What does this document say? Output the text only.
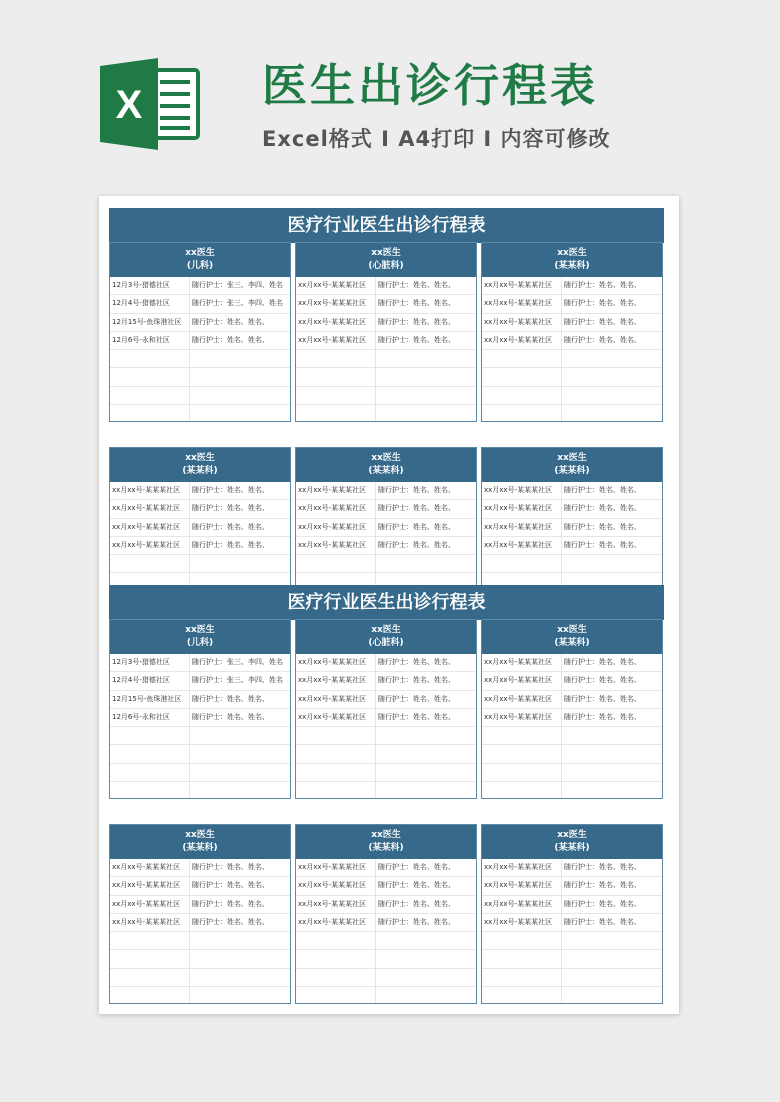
X	医生出诊行程表
Excel格式 I A4打印 I 内容可修改
医疗行业医生出诊行程表
xx医生
(儿科)
12月3号-猎德社区	随行护士：张三、李四、姓名
12月4号-猎德社区	随行护士：张三、李四、姓名
12月15号-鱼珠港社区	随行护士：姓名、姓名、
12月6号-永和社区	随行护士：姓名、姓名、
xx医生
(心脏科)
xx月xx号-某某某社区	随行护士：姓名、姓名、
xx月xx号-某某某社区	随行护士：姓名、姓名、
xx月xx号-某某某社区	随行护士：姓名、姓名、
xx月xx号-某某某社区	随行护士：姓名、姓名、
xx医生
(某某科)
xx月xx号-某某某社区	随行护士：姓名、姓名、
xx月xx号-某某某社区	随行护士：姓名、姓名、
xx月xx号-某某某社区	随行护士：姓名、姓名、
xx月xx号-某某某社区	随行护士：姓名、姓名、
xx医生
(某某科)
xx月xx号-某某某社区	随行护士：姓名、姓名、
xx月xx号-某某某社区	随行护士：姓名、姓名、
xx月xx号-某某某社区	随行护士：姓名、姓名、
xx月xx号-某某某社区	随行护士：姓名、姓名、
xx医生
(某某科)
xx月xx号-某某某社区	随行护士：姓名、姓名、
xx月xx号-某某某社区	随行护士：姓名、姓名、
xx月xx号-某某某社区	随行护士：姓名、姓名、
xx月xx号-某某某社区	随行护士：姓名、姓名、
xx医生
(某某科)
xx月xx号-某某某社区	随行护士：姓名、姓名、
xx月xx号-某某某社区	随行护士：姓名、姓名、
xx月xx号-某某某社区	随行护士：姓名、姓名、
xx月xx号-某某某社区	随行护士：姓名、姓名、
医疗行业医生出诊行程表
xx医生
(儿科)
12月3号-猎德社区	随行护士：张三、李四、姓名
12月4号-猎德社区	随行护士：张三、李四、姓名
12月15号-鱼珠港社区	随行护士：姓名、姓名、
12月6号-永和社区	随行护士：姓名、姓名、
xx医生
(心脏科)
xx月xx号-某某某社区	随行护士：姓名、姓名、
xx月xx号-某某某社区	随行护士：姓名、姓名、
xx月xx号-某某某社区	随行护士：姓名、姓名、
xx月xx号-某某某社区	随行护士：姓名、姓名、
xx医生
(某某科)
xx月xx号-某某某社区	随行护士：姓名、姓名、
xx月xx号-某某某社区	随行护士：姓名、姓名、
xx月xx号-某某某社区	随行护士：姓名、姓名、
xx月xx号-某某某社区	随行护士：姓名、姓名、
xx医生
(某某科)
xx月xx号-某某某社区	随行护士：姓名、姓名、
xx月xx号-某某某社区	随行护士：姓名、姓名、
xx月xx号-某某某社区	随行护士：姓名、姓名、
xx月xx号-某某某社区	随行护士：姓名、姓名、
xx医生
(某某科)
xx月xx号-某某某社区	随行护士：姓名、姓名、
xx月xx号-某某某社区	随行护士：姓名、姓名、
xx月xx号-某某某社区	随行护士：姓名、姓名、
xx月xx号-某某某社区	随行护士：姓名、姓名、
xx医生
(某某科)
xx月xx号-某某某社区	随行护士：姓名、姓名、
xx月xx号-某某某社区	随行护士：姓名、姓名、
xx月xx号-某某某社区	随行护士：姓名、姓名、
xx月xx号-某某某社区	随行护士：姓名、姓名、
